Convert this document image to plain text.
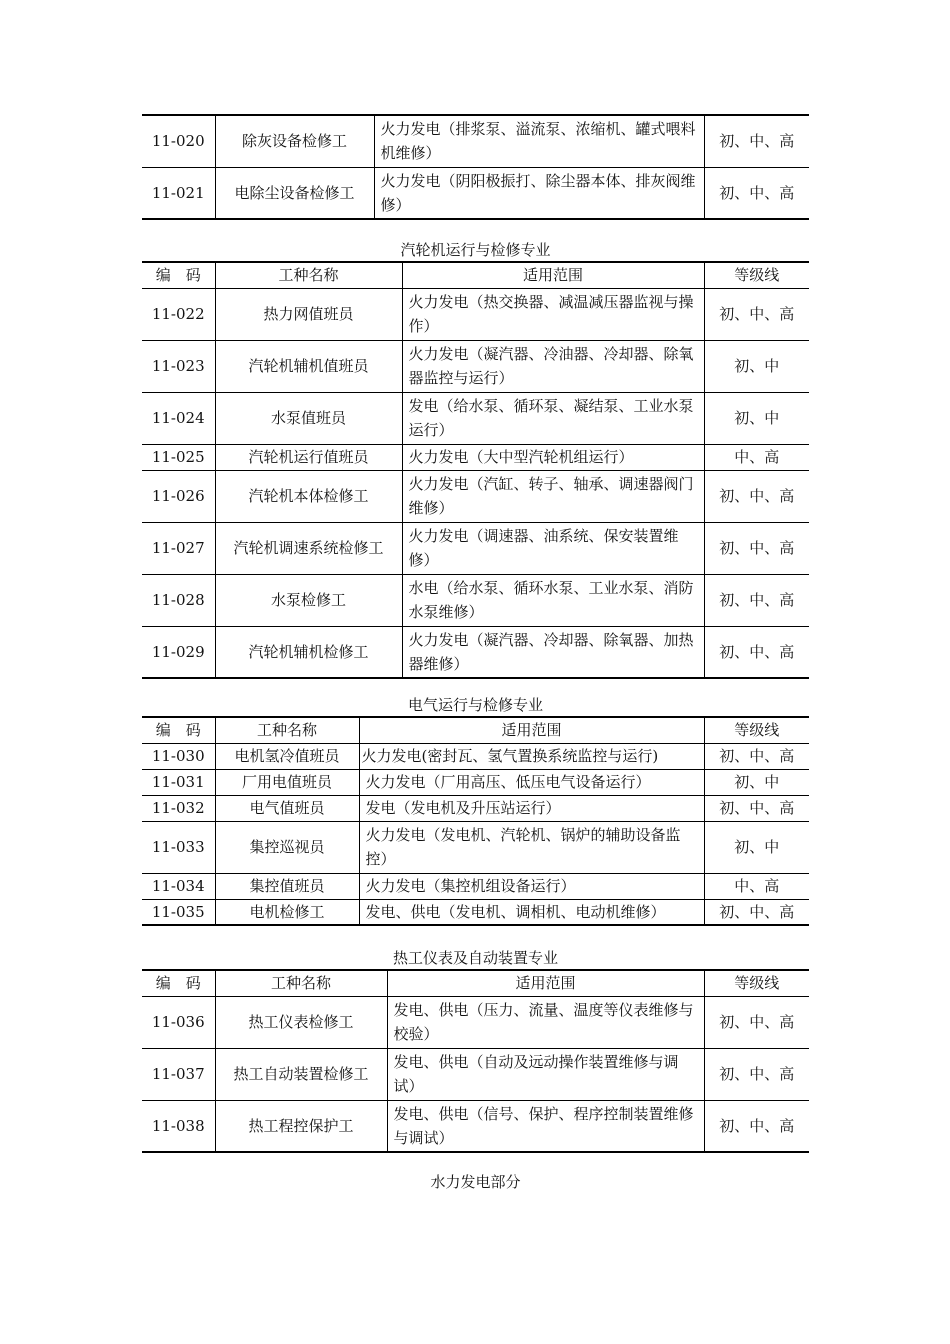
11-020	除灰设备检修工	火力发电（排浆泵、溢流泵、浓缩机、罐式喂料机维修）	初、中、高
11-021	电除尘设备检修工	火力发电（阴阳极振打、除尘器本体、排灰阀维修）	初、中、高
汽轮机运行与检修专业
编　码	工种名称	适用范围	等级线
11-022	热力网值班员	火力发电（热交换器、减温减压器监视与操作）	初、中、高
11-023	汽轮机辅机值班员	火力发电（凝汽器、冷油器、冷却器、除氧器监控与运行）	初、中
11-024	水泵值班员	发电（给水泵、循环泵、凝结泵、工业水泵运行）	初、中
11-025	汽轮机运行值班员	火力发电（大中型汽轮机组运行）	中、高
11-026	汽轮机本体检修工	火力发电（汽缸、转子、轴承、调速器阀门维修）	初、中、高
11-027	汽轮机调速系统检修工	火力发电（调速器、油系统、保安装置维修）	初、中、高
11-028	水泵检修工	水电（给水泵、循环水泵、工业水泵、消防水泵维修）	初、中、高
11-029	汽轮机辅机检修工	火力发电（凝汽器、冷却器、除氧器、加热器维修）	初、中、高
电气运行与检修专业
编　码	工种名称	适用范围	等级线
11-030	电机氢冷值班员	火力发电(密封瓦、氢气置换系统监控与运行)	初、中、高
11-031	厂用电值班员	火力发电（厂用高压、低压电气设备运行）	初、中
11-032	电气值班员	发电（发电机及升压站运行）	初、中、高
11-033	集控巡视员	火力发电（发电机、汽轮机、锅炉的辅助设备监控）	初、中
11-034	集控值班员	火力发电（集控机组设备运行）	中、高
11-035	电机检修工	发电、供电（发电机、调相机、电动机维修）	初、中、高
热工仪表及自动装置专业
编　码	工种名称	适用范围	等级线
11-036	热工仪表检修工	发电、供电（压力、流量、温度等仪表维修与校验）	初、中、高
11-037	热工自动装置检修工	发电、供电（自动及远动操作装置维修与调试）	初、中、高
11-038	热工程控保护工	发电、供电（信号、保护、程序控制装置维修与调试）	初、中、高
水力发电部分
